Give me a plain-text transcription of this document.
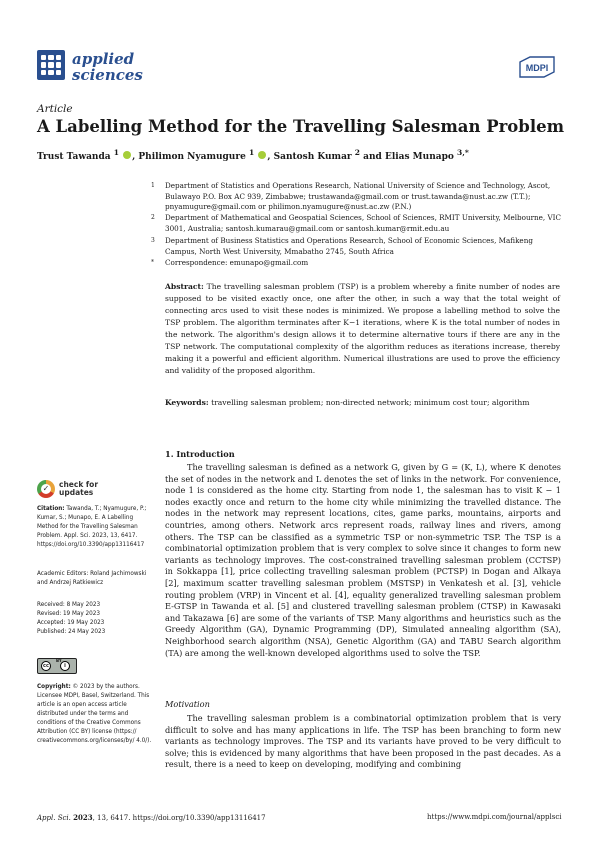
applied
sciences	MDPI
Article
A Labelling Method for the Travelling Salesman Problem
Trust Tawanda $^1$ , Philimon Nyamugure $^1$ , Santosh Kumar $^2$ and Elias Munapo $^{3,*}$
1 Department of Statistics and Operations Research, National University of Science and Technology, Ascot, Bulawayo P.O. Box AC 939, Zimbabwe; trustawanda@gmail.com or trust.tawanda@nust.ac.zw (T.T.); pnyamugure@gmail.com or philimon.nyamugure@nust.ac.zw (P.N.)
2 Department of Mathematical and Geospatial Sciences, School of Sciences, RMIT University, Melbourne, VIC 3001, Australia; santosh.kumarau@gmail.com or santosh.kumar@rmit.edu.au
3 Department of Business Statistics and Operations Research, School of Economic Sciences, Mafikeng Campus, North West University, Mmabatho 2745, South Africa
* Correspondence: emunapo@gmail.com
Abstract: The travelling salesman problem (TSP) is a problem whereby a finite number of nodes are supposed to be visited exactly once, one after the other, in such a way that the total weight of connecting arcs used to visit these nodes is minimized. We propose a labelling method to solve the TSP problem. The algorithm terminates after K−1 iterations, where K is the total number of nodes in the network. The algorithm's design allows it to determine alternative tours if there are any in the TSP network. The computational complexity of the algorithm reduces as iterations increase, thereby making it a powerful and efficient algorithm. Numerical illustrations are used to prove the efficiency and validity of the proposed algorithm.
Keywords: travelling salesman problem; non-directed network; minimum cost tour; algorithm
1. Introduction

The travelling salesman is defined as a network G, given by G = (K, L), where K denotes the set of nodes in the network and L denotes the set of links in the network. For convenience, node 1 is considered as the home city. Starting from node 1, the salesman has to visit K − 1 nodes exactly once and return to the home city while minimizing the travelled distance. The nodes in the network may represent locations, cites, game parks, mountains, airports and countries, among others. Network arcs represent roads, railway lines and rivers, among others. The TSP can be classified as a symmetric TSP or non-symmetric TSP. The TSP is a combinatorial optimization problem that is very complex to solve since it changes to form new variants as technology improves. The cost-constrained travelling salesman problem (CCTSP) in Sokkappa [1], price collecting travelling salesman problem (PCTSP) in Dogan and Alkaya [2], maximum scatter travelling salesman problem (MSTSP) in Venkatesh et al. [3], vehicle routing problem (VRP) in Vincent et al. [4], equality generalized travelling salesman problem E-GTSP in Tawanda et al. [5] and clustered travelling salesman problem (CTSP) in Kawasaki and Takazawa [6] are some of the variants of TSP. Many algorithms and heuristics such as the Greedy Algorithm (GA), Dynamic Programming (DP), Simulated annealing algorithm (SA), Neighborhood search algorithm (NSA), Genetic Algorithm (GA) and TABU Search algorithm (TA) are among the well-known developed algorithms used to solve the TSP.

Motivation
The travelling salesman problem is a combinatorial optimization problem that is very difficult to solve and has many applications in life. The TSP has been branching to form new variants as technology improves. The TSP and its variants have proved to be very difficult to solve; this is evidenced by many algorithms that have been proposed in the past decades. As a result, there is a need to keep on developing, modifying and combining
✓ check for
updates
Citation: Tawanda, T.; Nyamugure, P.; Kumar, S.; Munapo, E. A Labelling Method for the Travelling Salesman Problem. Appl. Sci. 2023, 13, 6417. https://doi.org/10.3390/app13116417
Academic Editors: Roland Jachimowski and Andrzej Ratkiewicz
Received: 8 May 2023
Revised: 19 May 2023
Accepted: 19 May 2023
Published: 24 May 2023
cc	i
BY
Copyright: © 2023 by the authors. Licensee MDPI, Basel, Switzerland. This article is an open access article distributed under the terms and conditions of the Creative Commons Attribution (CC BY) license (https:// creativecommons.org/licenses/by/ 4.0/).
Appl. Sci. 2023, 13, 6417. https://doi.org/10.3390/app13116417	https://www.mdpi.com/journal/applsci
